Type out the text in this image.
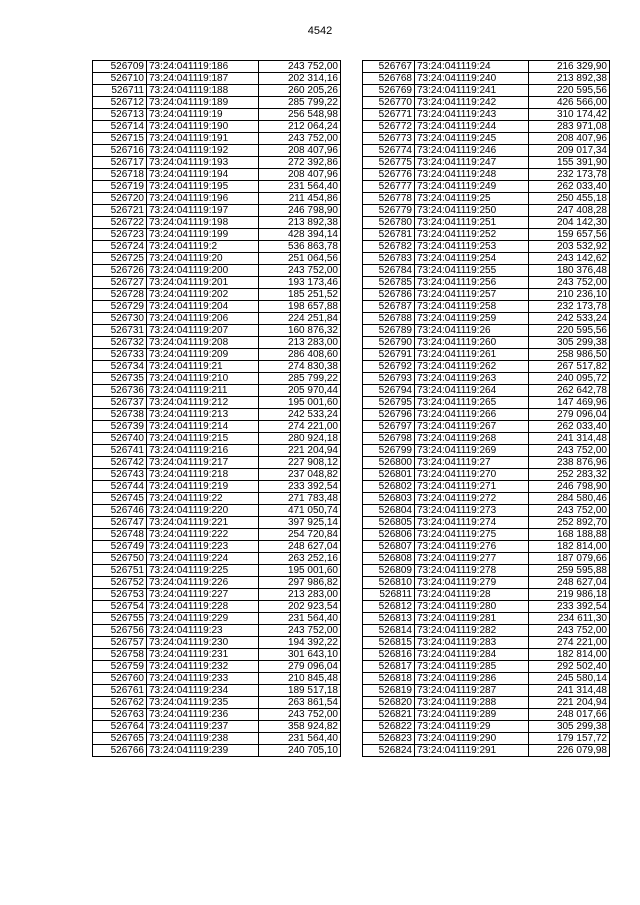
4542
526709	73:24:041119:186	243 752,00
526710	73:24:041119:187	202 314,16
526711	73:24:041119:188	260 205,26
526712	73:24:041119:189	285 799,22
526713	73:24:041119:19	256 548,98
526714	73:24:041119:190	212 064,24
526715	73:24:041119:191	243 752,00
526716	73:24:041119:192	208 407,96
526717	73:24:041119:193	272 392,86
526718	73:24:041119:194	208 407,96
526719	73:24:041119:195	231 564,40
526720	73:24:041119:196	211 454,86
526721	73:24:041119:197	246 798,90
526722	73:24:041119:198	213 892,38
526723	73:24:041119:199	428 394,14
526724	73:24:041119:2	536 863,78
526725	73:24:041119:20	251 064,56
526726	73:24:041119:200	243 752,00
526727	73:24:041119:201	193 173,46
526728	73:24:041119:202	185 251,52
526729	73:24:041119:204	198 657,88
526730	73:24:041119:206	224 251,84
526731	73:24:041119:207	160 876,32
526732	73:24:041119:208	213 283,00
526733	73:24:041119:209	286 408,60
526734	73:24:041119:21	274 830,38
526735	73:24:041119:210	285 799,22
526736	73:24:041119:211	205 970,44
526737	73:24:041119:212	195 001,60
526738	73:24:041119:213	242 533,24
526739	73:24:041119:214	274 221,00
526740	73:24:041119:215	280 924,18
526741	73:24:041119:216	221 204,94
526742	73:24:041119:217	227 908,12
526743	73:24:041119:218	237 048,82
526744	73:24:041119:219	233 392,54
526745	73:24:041119:22	271 783,48
526746	73:24:041119:220	471 050,74
526747	73:24:041119:221	397 925,14
526748	73:24:041119:222	254 720,84
526749	73:24:041119:223	248 627,04
526750	73:24:041119:224	263 252,16
526751	73:24:041119:225	195 001,60
526752	73:24:041119:226	297 986,82
526753	73:24:041119:227	213 283,00
526754	73:24:041119:228	202 923,54
526755	73:24:041119:229	231 564,40
526756	73:24:041119:23	243 752,00
526757	73:24:041119:230	194 392,22
526758	73:24:041119:231	301 643,10
526759	73:24:041119:232	279 096,04
526760	73:24:041119:233	210 845,48
526761	73:24:041119:234	189 517,18
526762	73:24:041119:235	263 861,54
526763	73:24:041119:236	243 752,00
526764	73:24:041119:237	358 924,82
526765	73:24:041119:238	231 564,40
526766	73:24:041119:239	240 705,10
526767	73:24:041119:24	216 329,90
526768	73:24:041119:240	213 892,38
526769	73:24:041119:241	220 595,56
526770	73:24:041119:242	426 566,00
526771	73:24:041119:243	310 174,42
526772	73:24:041119:244	283 971,08
526773	73:24:041119:245	208 407,96
526774	73:24:041119:246	209 017,34
526775	73:24:041119:247	155 391,90
526776	73:24:041119:248	232 173,78
526777	73:24:041119:249	262 033,40
526778	73:24:041119:25	250 455,18
526779	73:24:041119:250	247 408,28
526780	73:24:041119:251	204 142,30
526781	73:24:041119:252	159 657,56
526782	73:24:041119:253	203 532,92
526783	73:24:041119:254	243 142,62
526784	73:24:041119:255	180 376,48
526785	73:24:041119:256	243 752,00
526786	73:24:041119:257	210 236,10
526787	73:24:041119:258	232 173,78
526788	73:24:041119:259	242 533,24
526789	73:24:041119:26	220 595,56
526790	73:24:041119:260	305 299,38
526791	73:24:041119:261	258 986,50
526792	73:24:041119:262	267 517,82
526793	73:24:041119:263	240 095,72
526794	73:24:041119:264	262 642,78
526795	73:24:041119:265	147 469,96
526796	73:24:041119:266	279 096,04
526797	73:24:041119:267	262 033,40
526798	73:24:041119:268	241 314,48
526799	73:24:041119:269	243 752,00
526800	73:24:041119:27	238 876,96
526801	73:24:041119:270	252 283,32
526802	73:24:041119:271	246 798,90
526803	73:24:041119:272	284 580,46
526804	73:24:041119:273	243 752,00
526805	73:24:041119:274	252 892,70
526806	73:24:041119:275	168 188,88
526807	73:24:041119:276	182 814,00
526808	73:24:041119:277	187 079,66
526809	73:24:041119:278	259 595,88
526810	73:24:041119:279	248 627,04
526811	73:24:041119:28	219 986,18
526812	73:24:041119:280	233 392,54
526813	73:24:041119:281	234 611,30
526814	73:24:041119:282	243 752,00
526815	73:24:041119:283	274 221,00
526816	73:24:041119:284	182 814,00
526817	73:24:041119:285	292 502,40
526818	73:24:041119:286	245 580,14
526819	73:24:041119:287	241 314,48
526820	73:24:041119:288	221 204,94
526821	73:24:041119:289	248 017,66
526822	73:24:041119:29	305 299,38
526823	73:24:041119:290	179 157,72
526824	73:24:041119:291	226 079,98
